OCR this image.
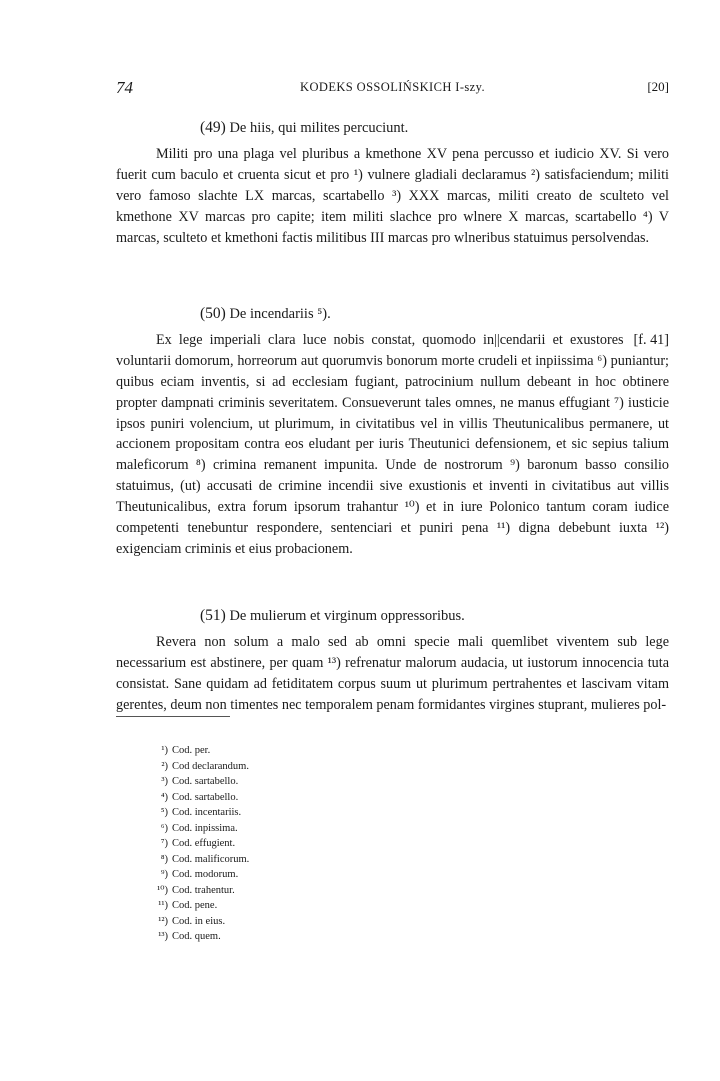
74	KODEKS OSSOLIŃSKICH I-szy.	[20]
(49) De hiis, qui milites percuciunt.

Militi pro una plaga vel pluribus a kmethone XV pena percusso et iudicio XV. Si vero fuerit cum baculo et cruenta sicut et pro ¹) vulnere gladiali declaramus ²) satisfaciendum; militi vero famoso slachte LX marcas, scartabello ³) XXX marcas, militi creato de sculteto vel kmethone XV marcas pro capite; item militi slachce pro wlnere X marcas, scartabello ⁴) V marcas, sculteto et kmethoni factis militibus III marcas pro wlneribus statuimus persolvendas.

(50) De incendariis ⁵).
[f. 41]

Ex lege imperiali clara luce nobis constat, quomodo in||cendarii et exustores voluntarii domorum, horreorum aut quorumvis bonorum morte crudeli et inpiissima ⁶) puniantur; quibus eciam inventis, si ad ecclesiam fugiant, patrocinium nullum debeant in hoc obtinere propter dampnati criminis severitatem. Consueverunt tales omnes, ne manus effugiant ⁷) iusticie ipsos puniri volencium, ut plurimum, in civitatibus vel in villis Theutunicalibus permanere, ut accionem propositam contra eos eludant per iuris Theutunici defensionem, et sic sepius talium maleficorum ⁸) crimina remanent impunita. Unde de nostrorum ⁹) baronum basso consilio statuimus, (ut) accusati de crimine incendii sive exustionis et inventi in civitatibus aut villis Theutunicalibus, extra forum ipsorum trahantur ¹⁰) et in iure Polonico tantum coram iudice competenti tenebuntur respondere, sentenciari et puniri pena ¹¹) digna debebunt iuxta ¹²) exigenciam criminis et eius probacionem.

(51) De mulierum et virginum oppressoribus.

Revera non solum a malo sed ab omni specie mali quemlibet viventem sub lege necessarium est abstinere, per quam ¹³) refrenatur malorum audacia, ut iustorum innocencia tuta consistat. Sane quidam ad fetiditatem corpus suum ut plurimum pertrahentes et lascivam vitam gerentes, deum non timentes nec temporalem penam formidantes virgines stuprant, mulieres pol-

¹) Cod. per.
²) Cod declarandum.
³) Cod. sartabello.
⁴) Cod. sartabello.
⁵) Cod. incentariis.
⁶) Cod. inpissima.
⁷) Cod. effugient.
⁸) Cod. malificorum.
⁹) Cod. modorum.
¹⁰) Cod. trahentur.
¹¹) Cod. pene.
¹²) Cod. in eius.
¹³) Cod. quem.
